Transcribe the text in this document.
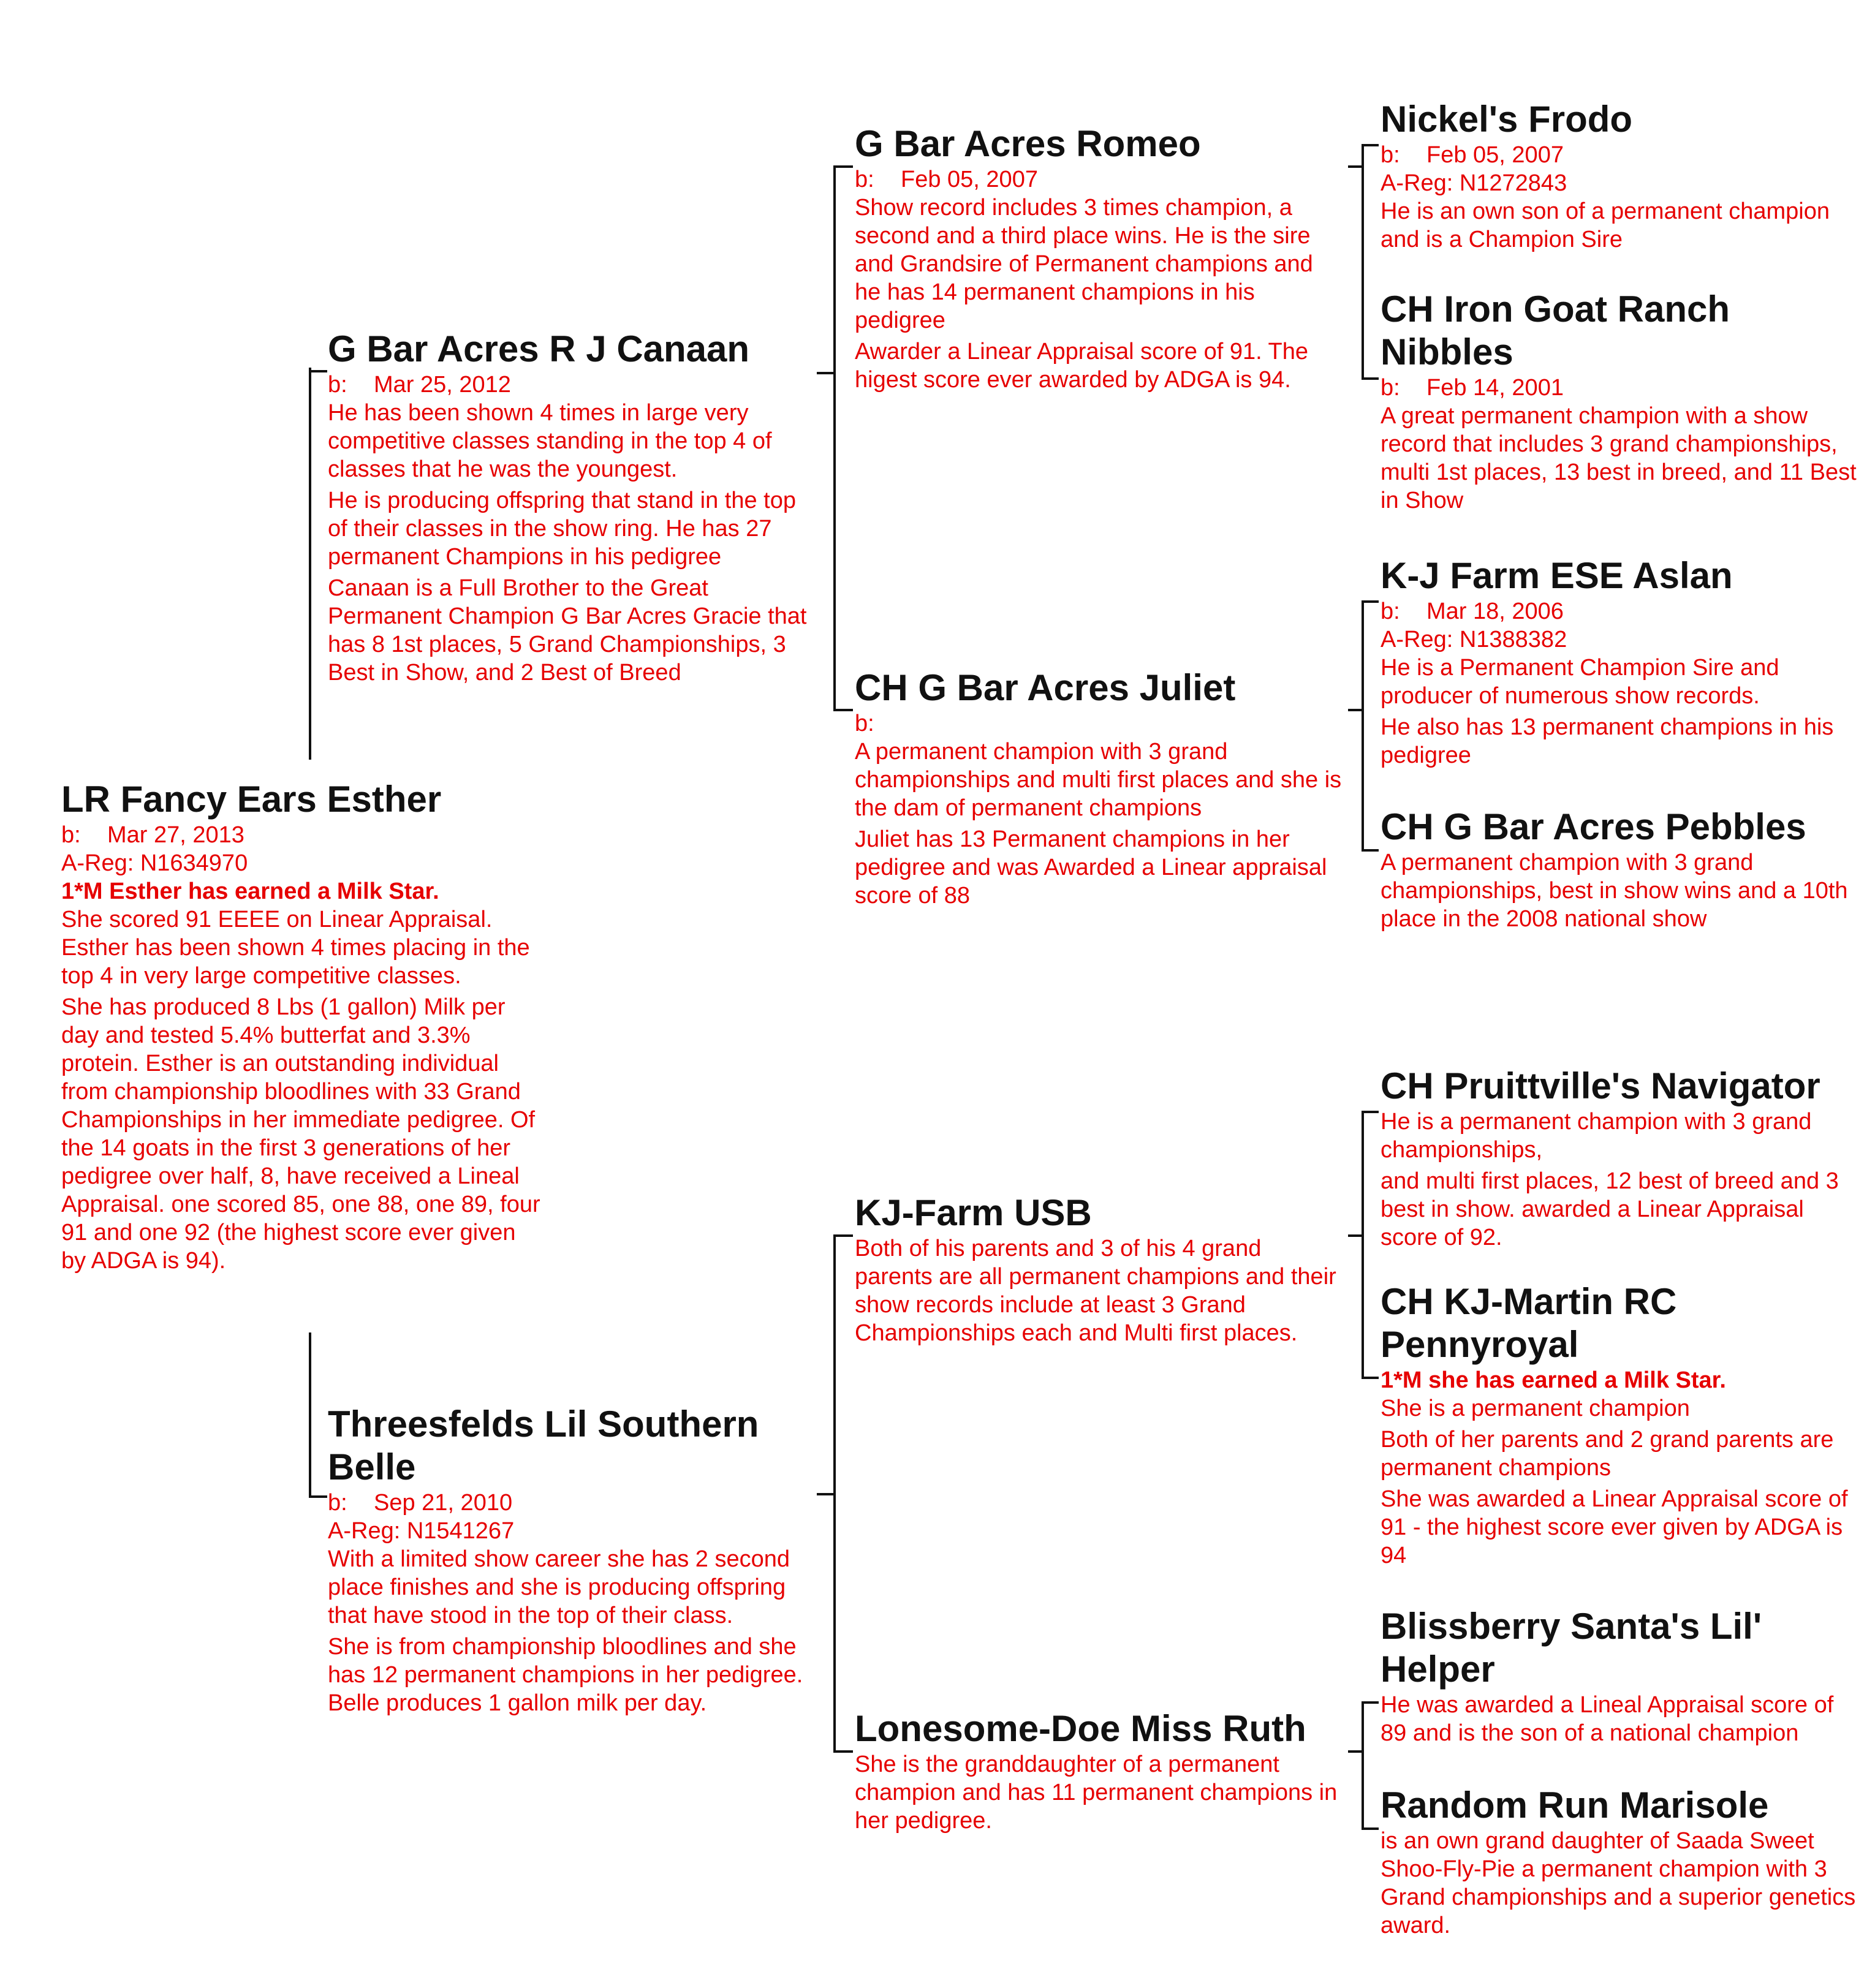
LR Fancy Ears Esther
b: Mar 27, 2013
A-Reg: N1634970
1*M Esther has earned a Milk Star.

She scored 91 EEEE on Linear Appraisal. Esther has been shown 4 times placing in the top 4 in very large competitive classes.

She has produced 8 Lbs (1 gallon) Milk per day and tested 5.4% butterfat and 3.3% protein. Esther is an outstanding individual from championship bloodlines with 33 Grand Championships in her immediate pedigree. Of the 14 goats in the first 3 generations of her pedigree over half, 8, have received a Lineal Appraisal. one scored 85, one 88, one 89, four 91 and one 92 (the highest score ever given by ADGA is 94).

G Bar Acres R J Canaan
b: Mar 25, 2012

He has been shown 4 times in large very competitive classes standing in the top 4 of classes that he was the youngest.

He is producing offspring that stand in the top of their classes in the show ring. He has 27 permanent Champions in his pedigree

Canaan is a Full Brother to the Great Permanent Champion G Bar Acres Gracie that has 8 1st places, 5 Grand Championships, 3 Best in Show, and 2 Best of Breed

Threesfelds Lil Southern Belle
b: Sep 21, 2010
A-Reg: N1541267

With a limited show career she has 2 second place finishes and she is producing offspring that have stood in the top of their class.

She is from championship bloodlines and she has 12 permanent champions in her pedigree. Belle produces 1 gallon milk per day.

G Bar Acres Romeo
b: Feb 05, 2007

Show record includes 3 times champion, a second and a third place wins. He is the sire and Grandsire of Permanent champions and he has 14 permanent champions in his pedigree

Awarder a Linear Appraisal score of 91. The higest score ever awarded by ADGA is 94.

CH G Bar Acres Juliet
b:

A permanent champion with 3 grand championships and multi first places and she is the dam of permanent champions

Juliet has 13 Permanent champions in her pedigree and was Awarded a Linear appraisal score of 88

KJ-Farm USB

Both of his parents and 3 of his 4 grand parents are all permanent champions and their show records include at least 3 Grand Championships each and Multi first places.

Lonesome-Doe Miss Ruth

She is the granddaughter of a permanent champion and has 11 permanent champions in her pedigree.

Nickel's Frodo
b: Feb 05, 2007
A-Reg: N1272843

He is an own son of a permanent champion and is a Champion Sire

CH Iron Goat Ranch Nibbles
b: Feb 14, 2001

A great permanent champion with a show record that includes 3 grand championships, multi 1st places, 13 best in breed, and 11 Best in Show

K-J Farm ESE Aslan
b: Mar 18, 2006
A-Reg: N1388382

He is a Permanent Champion Sire and producer of numerous show records.

He also has 13 permanent champions in his pedigree

CH G Bar Acres Pebbles

A permanent champion with 3 grand championships, best in show wins and a 10th place in the 2008 national show

CH Pruittville's Navigator

He is a permanent champion with 3 grand championships,

and multi first places, 12 best of breed and 3 best in show. awarded a Linear Appraisal score of 92.

CH KJ-Martin RC Pennyroyal
1*M she has earned a Milk Star.

She is a permanent champion

Both of her parents and 2 grand parents are permanent champions

She was awarded a Linear Appraisal score of 91 - the highest score ever given by ADGA is 94

Blissberry Santa's Lil' Helper

He was awarded a Lineal Appraisal score of 89 and is the son of a national champion

Random Run Marisole

is an own grand daughter of Saada Sweet Shoo-Fly-Pie a permanent champion with 3 Grand championships and a superior genetics award.
